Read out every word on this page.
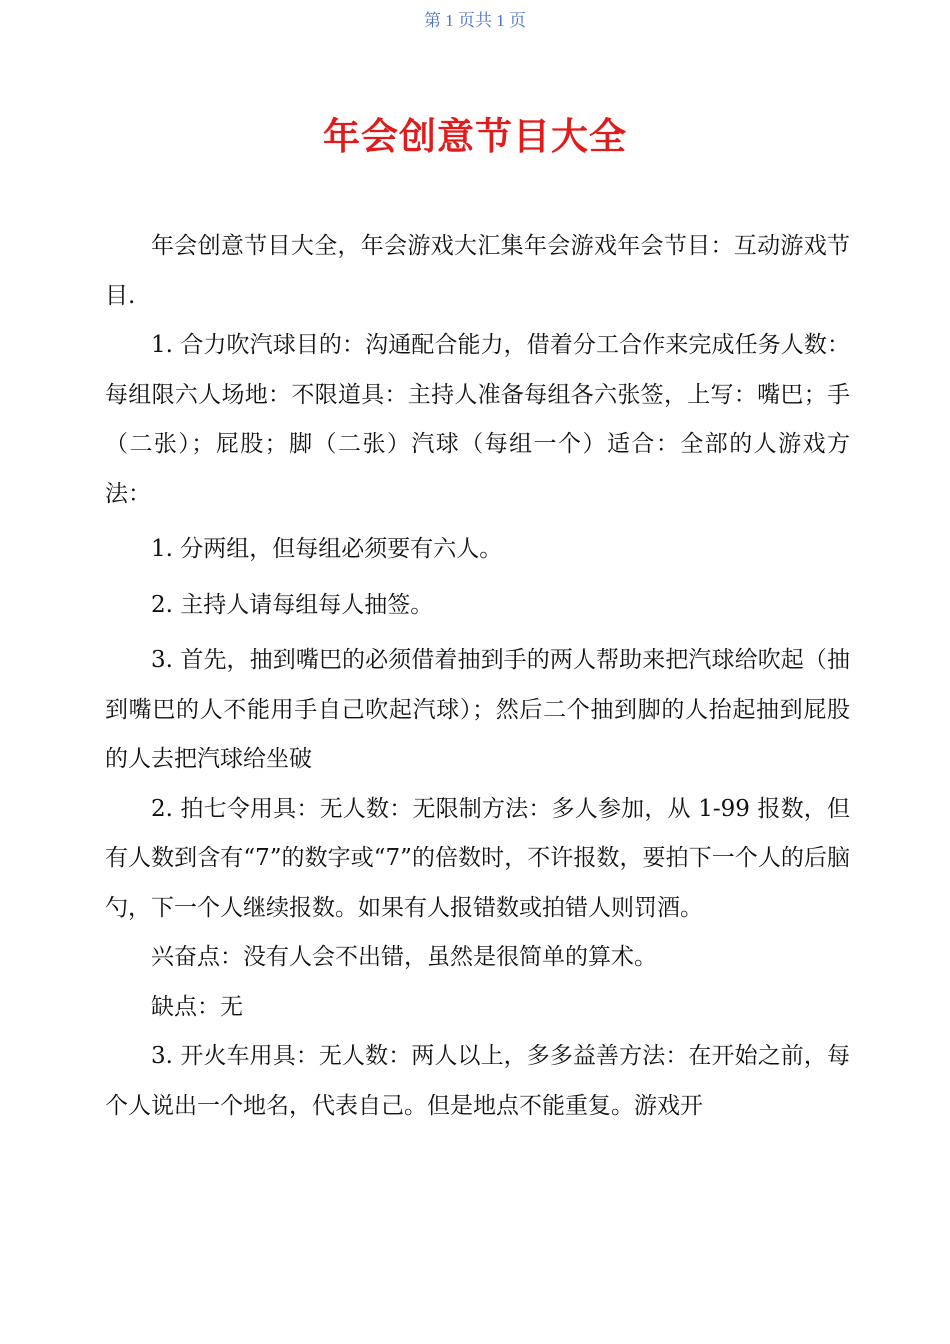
第 1 页共 1 页
年会创意节目大全

年会创意节目大全，年会游戏大汇集年会游戏年会节目：互动游戏节目.

1. 合力吹汽球目的：沟通配合能力，借着分工合作来完成任务人数：每组限六人场地：不限道具：主持人准备每组各六张签，上写：嘴巴；手（二张）；屁股；脚（二张）汽球（每组一个）适合：全部的人游戏方法：

1. 分两组，但每组必须要有六人。

2. 主持人请每组每人抽签。

3. 首先，抽到嘴巴的必须借着抽到手的两人帮助来把汽球给吹起（抽到嘴巴的人不能用手自己吹起汽球）；然后二个抽到脚的人抬起抽到屁股的人去把汽球给坐破

2. 拍七令用具：无人数：无限制方法：多人参加，从 1-99 报数，但有人数到含有“7”的数字或“7”的倍数时，不许报数，要拍下一个人的后脑勺，下一个人继续报数。如果有人报错数或拍错人则罚酒。

兴奋点：没有人会不出错，虽然是很简单的算术。

缺点：无

3. 开火车用具：无人数：两人以上，多多益善方法：在开始之前，每个人说出一个地名，代表自己。但是地点不能重复。游戏开
